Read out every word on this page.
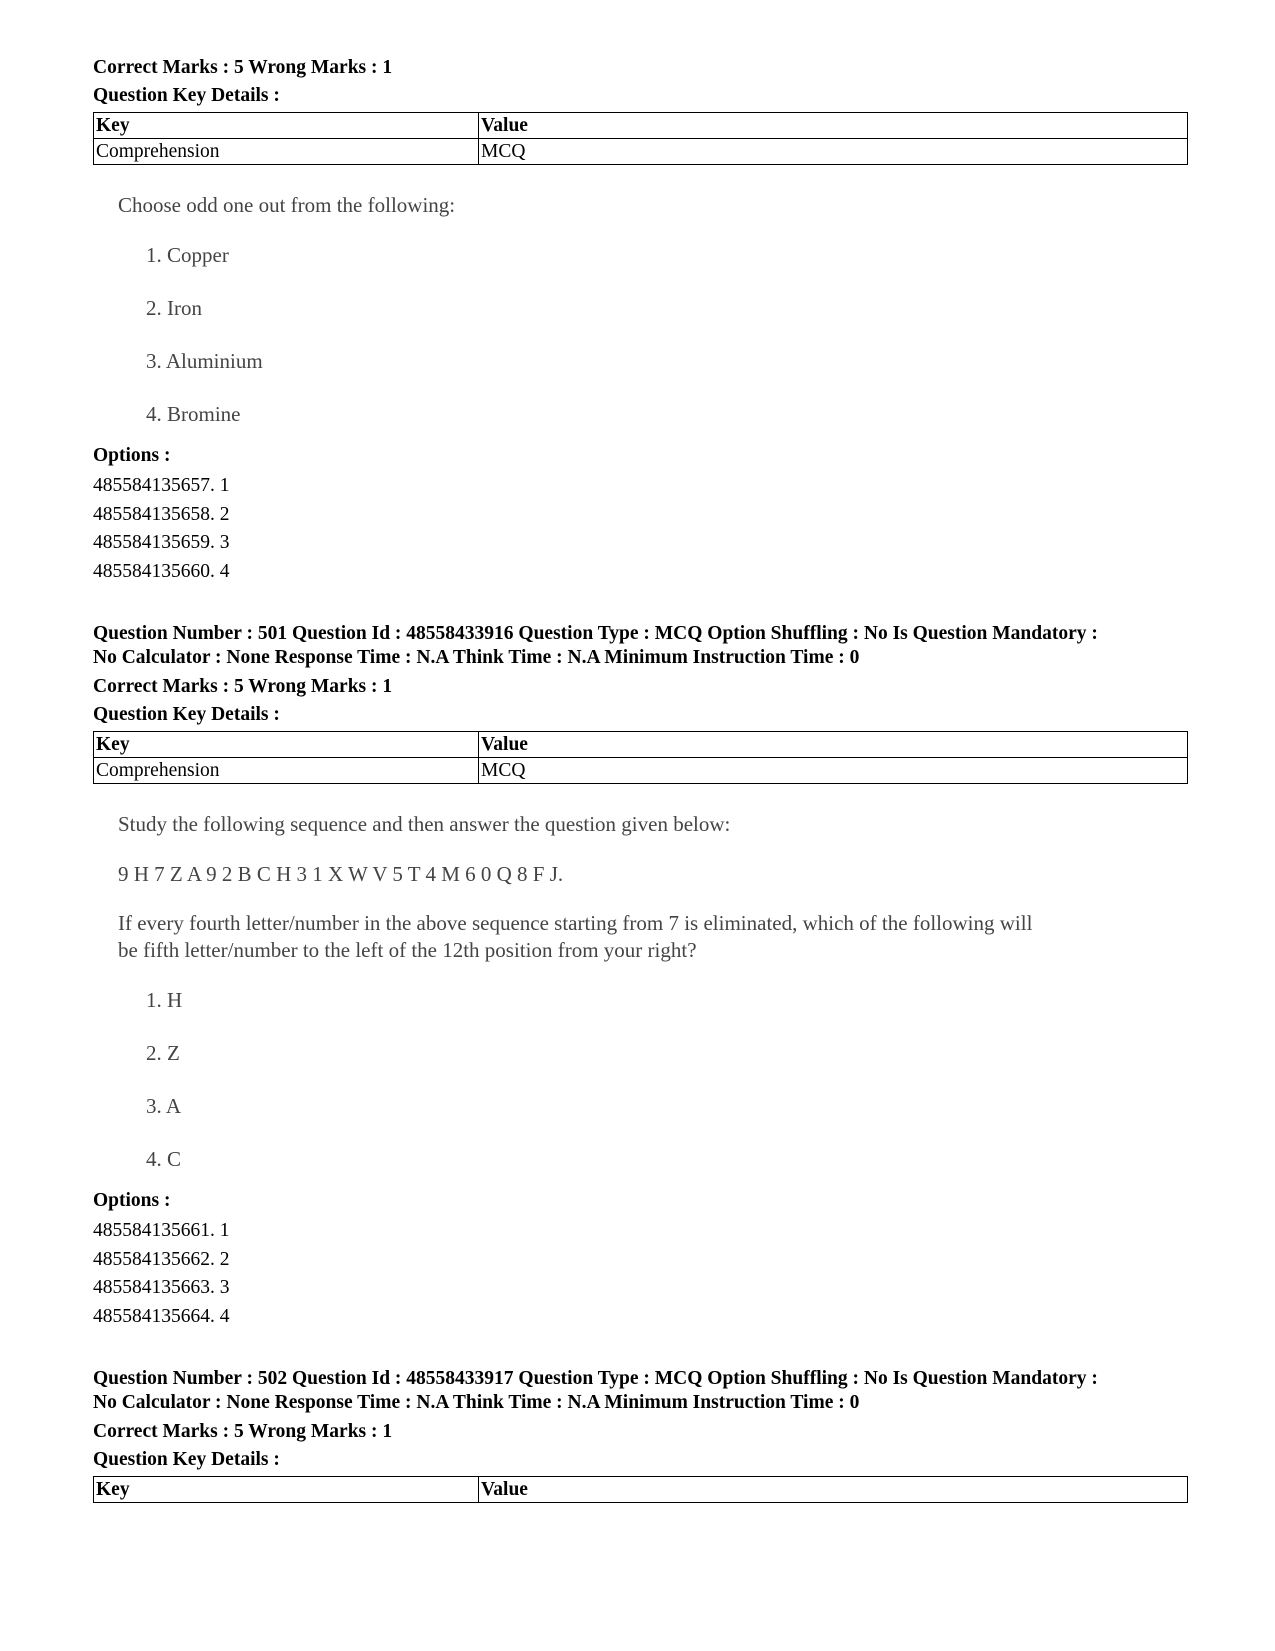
Correct Marks : 5 Wrong Marks : 1

Question Key Details :

Key	Value
Comprehension	MCQ
Choose odd one out from the following:
1. Copper
2. Iron
3. Aluminium
4. Bromine

Options :

485584135657. 1

485584135658. 2

485584135659. 3

485584135660. 4

Question Number : 501 Question Id : 48558433916 Question Type : MCQ Option Shuffling : No Is Question Mandatory :

No Calculator : None Response Time : N.A Think Time : N.A Minimum Instruction Time : 0

Correct Marks : 5 Wrong Marks : 1

Question Key Details :

Key	Value
Comprehension	MCQ
Study the following sequence and then answer the question given below:
9 H 7 Z A 9 2 B C H 3 1 X W V 5 T 4 M 6 0 Q 8 F J.
If every fourth letter/number in the above sequence starting from 7 is eliminated, which of the following will
be fifth letter/number to the left of the 12th position from your right?
1. H
2. Z
3. A
4. C

Options :

485584135661. 1

485584135662. 2

485584135663. 3

485584135664. 4

Question Number : 502 Question Id : 48558433917 Question Type : MCQ Option Shuffling : No Is Question Mandatory :

No Calculator : None Response Time : N.A Think Time : N.A Minimum Instruction Time : 0

Correct Marks : 5 Wrong Marks : 1

Question Key Details :

Key	Value
